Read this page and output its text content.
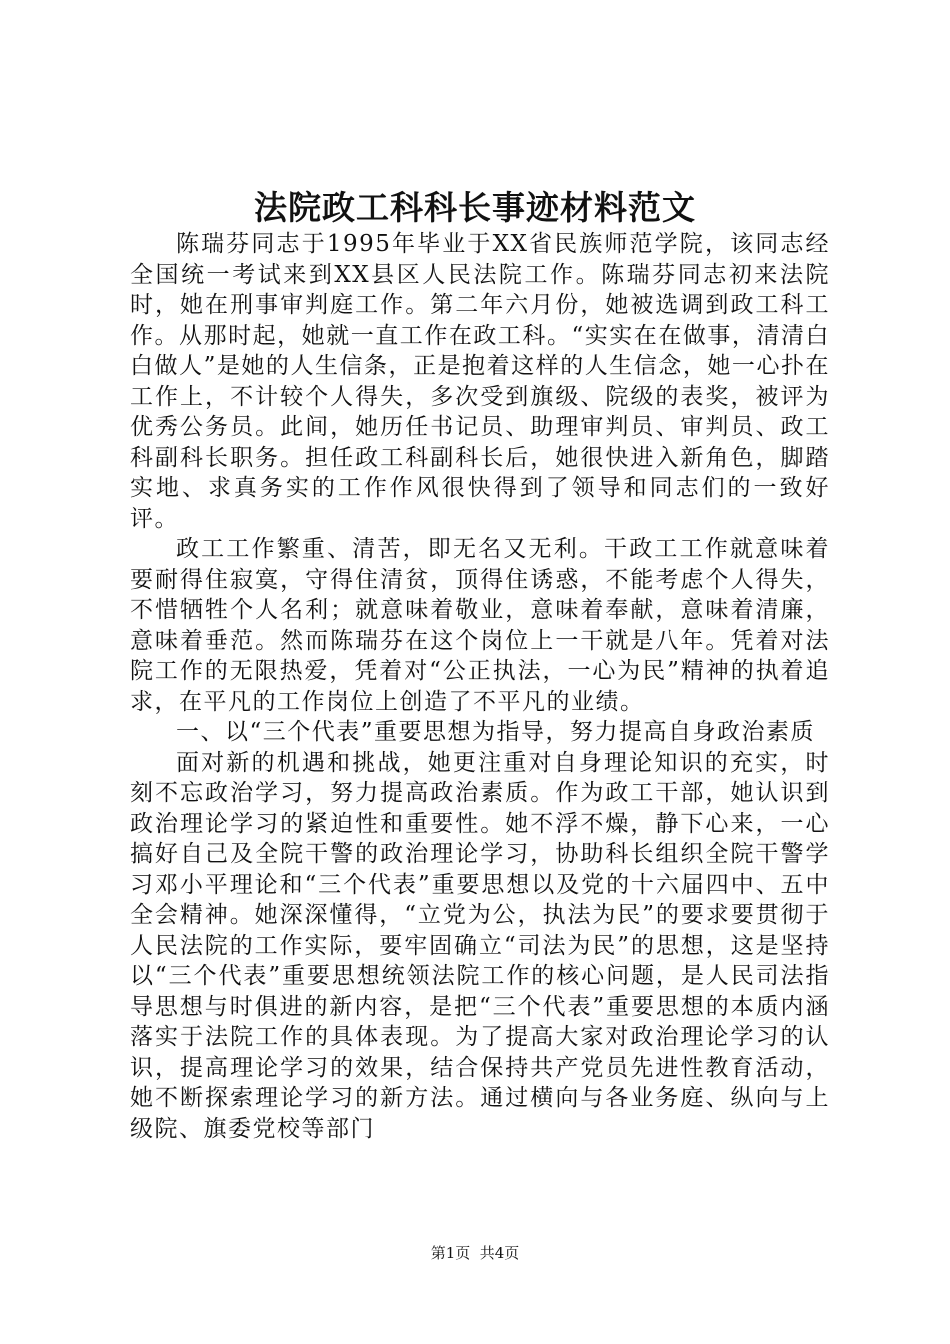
法院政工科科长事迹材料范文

陈瑞芬同志于1995年毕业于XX省民族师范学院，该同志经全国统一考试来到XX县区人民法院工作。陈瑞芬同志初来法院时，她在刑事审判庭工作。第二年六月份，她被选调到政工科工作。从那时起，她就一直工作在政工科。“实实在在做事，清清白白做人”是她的人生信条，正是抱着这样的人生信念，她一心扑在工作上，不计较个人得失，多次受到旗级、院级的表奖，被评为优秀公务员。此间，她历任书记员、助理审判员、审判员、政工科副科长职务。担任政工科副科长后，她很快进入新角色，脚踏实地、求真务实的工作作风很快得到了领导和同志们的一致好评。

政工工作繁重、清苦，即无名又无利。干政工工作就意味着要耐得住寂寞，守得住清贫，顶得住诱惑，不能考虑个人得失，不惜牺牲个人名利；就意味着敬业，意味着奉献，意味着清廉，意味着垂范。然而陈瑞芬在这个岗位上一干就是八年。凭着对法院工作的无限热爱，凭着对“公正执法，一心为民”精神的执着追求，在平凡的工作岗位上创造了不平凡的业绩。

一、以“三个代表”重要思想为指导，努力提高自身政治素质

面对新的机遇和挑战，她更注重对自身理论知识的充实，时刻不忘政治学习，努力提高政治素质。作为政工干部，她认识到政治理论学习的紧迫性和重要性。她不浮不燥，静下心来，一心搞好自己及全院干警的政治理论学习，协助科长组织全院干警学习邓小平理论和“三个代表”重要思想以及党的十六届四中、五中全会精神。她深深懂得，“立党为公，执法为民”的要求要贯彻于人民法院的工作实际，要牢固确立“司法为民”的思想，这是坚持以“三个代表”重要思想统领法院工作的核心问题，是人民司法指导思想与时俱进的新内容，是把“三个代表”重要思想的本质内涵落实于法院工作的具体表现。为了提高大家对政治理论学习的认识，提高理论学习的效果，结合保持共产党员先进性教育活动，她不断探索理论学习的新方法。通过横向与各业务庭、纵向与上级院、旗委党校等部门

第1页  共4页
